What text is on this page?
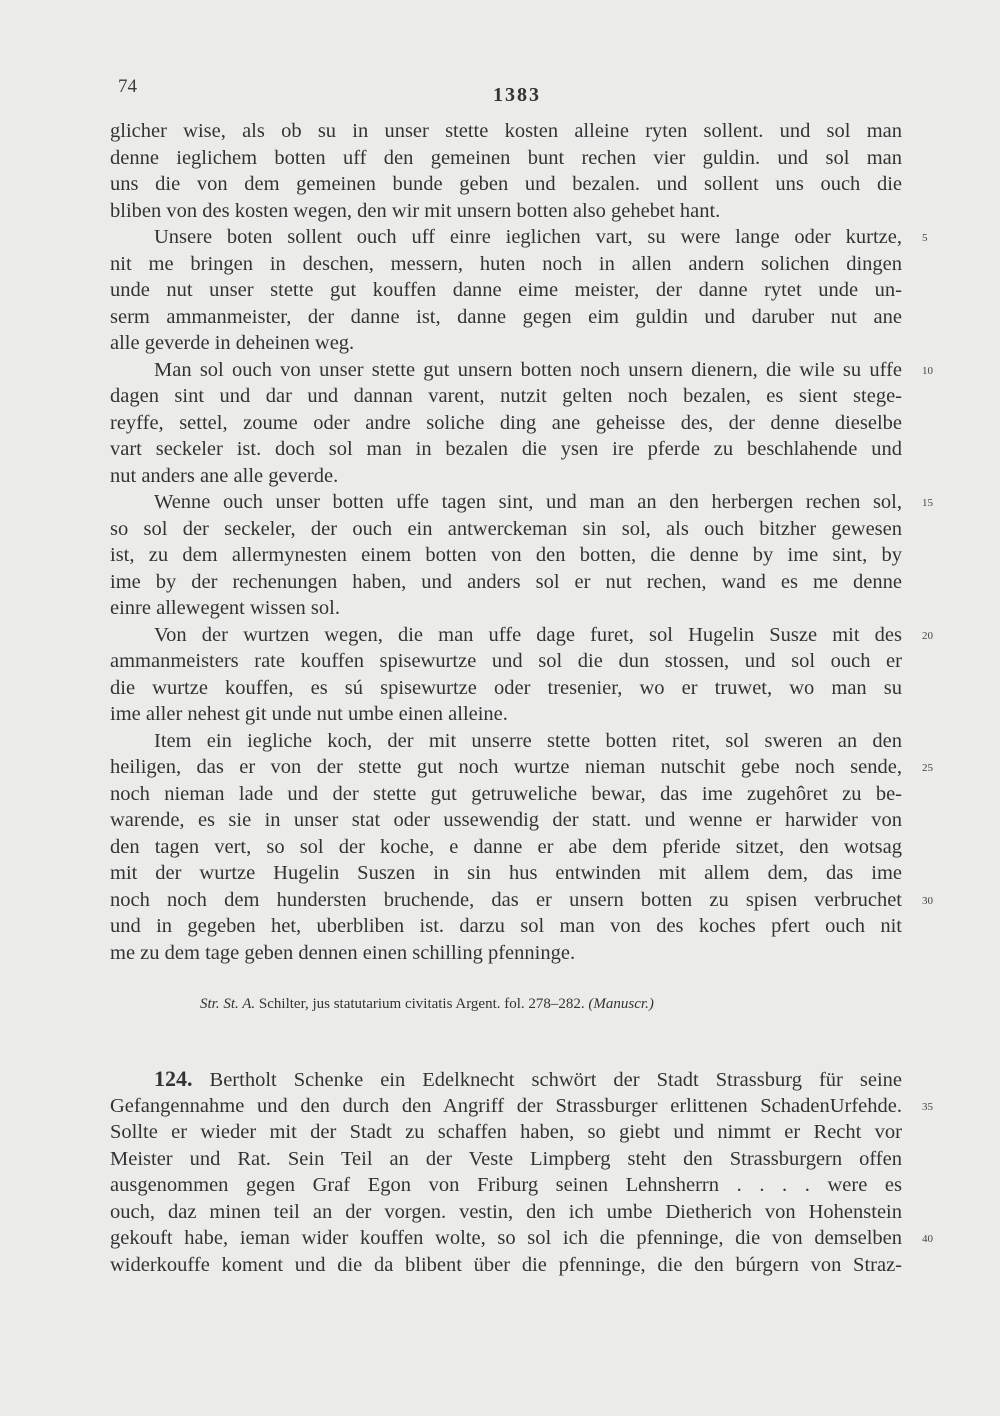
74	1383
glicher wise, als ob su in unser stette kosten alleine ryten sollent. und sol man
denne ieglichem botten uff den gemeinen bunt rechen vier guldin. und sol man
uns die von dem gemeinen bunde geben und bezalen. und sollent uns ouch die
bliben von des kosten wegen, den wir mit unsern botten also gehebet hant.
Unsere boten sollent ouch uff einre ieglichen vart, su were lange oder kurtze, 5
nit me bringen in deschen, messern, huten noch in allen andern solichen dingen
unde nut unser stette gut kouffen danne eime meister, der danne rytet unde un-
serm ammanmeister, der danne ist, danne gegen eim guldin und daruber nut ane
alle geverde in deheinen weg.
Man sol ouch von unser stette gut unsern botten noch unsern dienern, die wile su uffe 10
dagen sint und dar und dannan varent, nutzit gelten noch bezalen, es sient stege-
reyffe, settel, zoume oder andre soliche ding ane geheisse des, der denne dieselbe
vart seckeler ist. doch sol man in bezalen die ysen ire pferde zu beschlahende und
nut anders ane alle geverde.
Wenne ouch unser botten uffe tagen sint, und man an den herbergen rechen sol, 15
so sol der seckeler, der ouch ein antwerckeman sin sol, als ouch bitzher gewesen
ist, zu dem allermynesten einem botten von den botten, die denne by ime sint, by
ime by der rechenungen haben, und anders sol er nut rechen, wand es me denne
einre allewegent wissen sol.
Von der wurtzen wegen, die man uffe dage furet, sol Hugelin Susze mit des 20
ammanmeisters rate kouffen spisewurtze und sol die dun stossen, und sol ouch er
die wurtze kouffen, es sú spisewurtze oder tresenier, wo er truwet, wo man su
ime aller nehest git unde nut umbe einen alleine.
Item ein iegliche koch, der mit unserre stette botten ritet, sol sweren an den
heiligen, das er von der stette gut noch wurtze nieman nutschit gebe noch sende, 25
noch nieman lade und der stette gut getruweliche bewar, das ime zugehôret zu be-
warende, es sie in unser stat oder ussewendig der statt. und wenne er harwider von
den tagen vert, so sol der koche, e danne er abe dem pferide sitzet, den wotsag
mit der wurtze Hugelin Suszen in sin hus entwinden mit allem dem, das ime
noch noch dem hundersten bruchende, das er unsern botten zu spisen verbruchet 30
und in gegeben het, uberbliben ist. darzu sol man von des koches pfert ouch nit
me zu dem tage geben dennen einen schilling pfenninge.
Str. St. A. Schilter, jus statutarium civitatis Argent. fol. 278–282. (Manuscr.)
124. Bertholt Schenke ein Edelknecht schwört der Stadt Strassburg für seine
Gefangennahme und den durch den Angriff der Strassburger erlittenen SchadenUrfehde. 35
Sollte er wieder mit der Stadt zu schaffen haben, so giebt und nimmt er Recht vor
Meister und Rat. Sein Teil an der Veste Limpberg steht den Strassburgern offen
ausgenommen gegen Graf Egon von Friburg seinen Lehnsherrn . . . . were es
ouch, daz minen teil an der vorgen. vestin, den ich umbe Dietherich von Hohenstein
gekouft habe, ieman wider kouffen wolte, so sol ich die pfenninge, die von demselben 40
widerkouffe koment und die da blibent über die pfenninge, die den búrgern von Straz-
